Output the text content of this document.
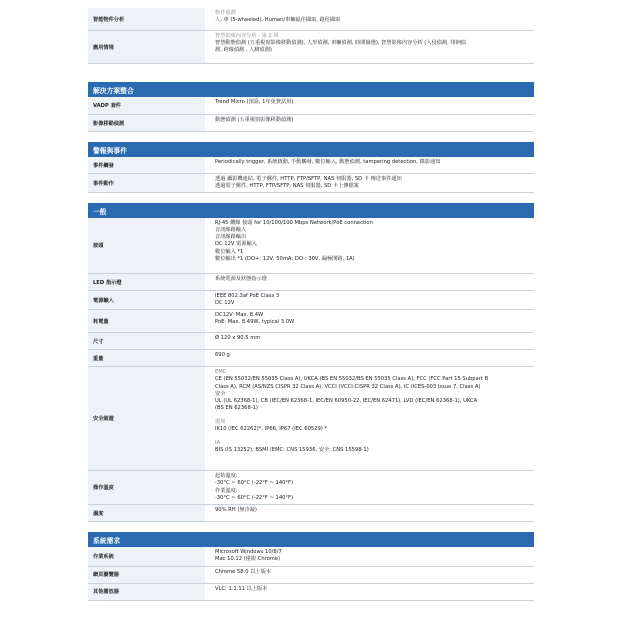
智能物件分析
物件偵測
人, 車 (5-wheeled), Human/車輛最佳擷取, 路徑擷取
應用情境
智慧影像內容分析 - 第 2 組
智慧動態偵測 (五重視窗影像移動偵測), 人形偵測, 車輛偵測, 時間篩選), 智慧影像內容分析 (入侵偵測, 徘徊偵
測, 跨線偵測 , 人臉偵測)
解決方案整合
VADP 套件
Trend Micro (預設, 1年免費試用)
影像移動偵測
動態偵測 (五重視窗影像移動偵測)
警報與事件
事件觸發
Periodically trigger, 系統啟動, 手動觸發, 數位輸入, 動態偵測, tampering detection, 錄影通知
事件動作
透過 攝影機連結, 電子郵件, HTTP, FTP/SFTP, NAS 伺服器, SD 卡 傳送事件通知
透過電子郵件, HTTP, FTP/SFTP, NAS 伺服器, SD 卡上傳檔案
一般
接頭
RJ-45 纜線 接頭 for 10/100/100 Mbps Network/PoE connection
音訊線路輸入
音訊線路輸出
DC 12V 電源輸入
數位輸入 *1
數位輸出 *1 (DO+: 12V, 50mA; DO-: 30V, 漏極開路, 1A)
LED 指示燈
系統電源及狀態指示燈
電源輸入
IEEE 802.3af PoE Class 3
DC 12V
耗電量
DC12V: Max. 8.4W
PoE: Max. 8.49W, typical 3.0W
尺寸
Ø 120 x 90.5 mm
重量
690 g
安全認證
EMC
CE (EN 55032/EN 55035 Class A), UKCA (BS EN 55032/BS EN 55035 Class A), FCC (FCC Part 15 Subpart B
Class A), RCM (AS/NZS CISPR 32 Class A), VCCI (VCCI-CISPR 32 Class A), IC (ICES-003 Issue 7, Class A)
安全
UL (UL 62368-1), CB (IEC/EN 62368-1, IEC/EN 60950-22, IEC/EN 62471), LVD (IEC/EN 62368-1), UKCA
(BS EN 62368-1)

環境
IK10 (IEC 62262)*, IP66, IP67 (IEC 60529) *

IA
BIS (IS 13252), BSMI (EMC: CNS 15936, 安全: CNS 15598-1)
操作溫度
起始溫度:
-30°C ~ 60°C (-22°F ~ 140°F)
作業溫度:
-30°C ~ 60°C (-22°F ~ 140°F)
濕度
90% RH (無冷凝)
系統需求
作業系統
Microsoft Windows 10/8/7
Mac 10.12 (僅限 Chrome)
網頁瀏覽器
Chrome 58.0 以上版本
其他播放器
VLC: 1.1.11 以上版本
